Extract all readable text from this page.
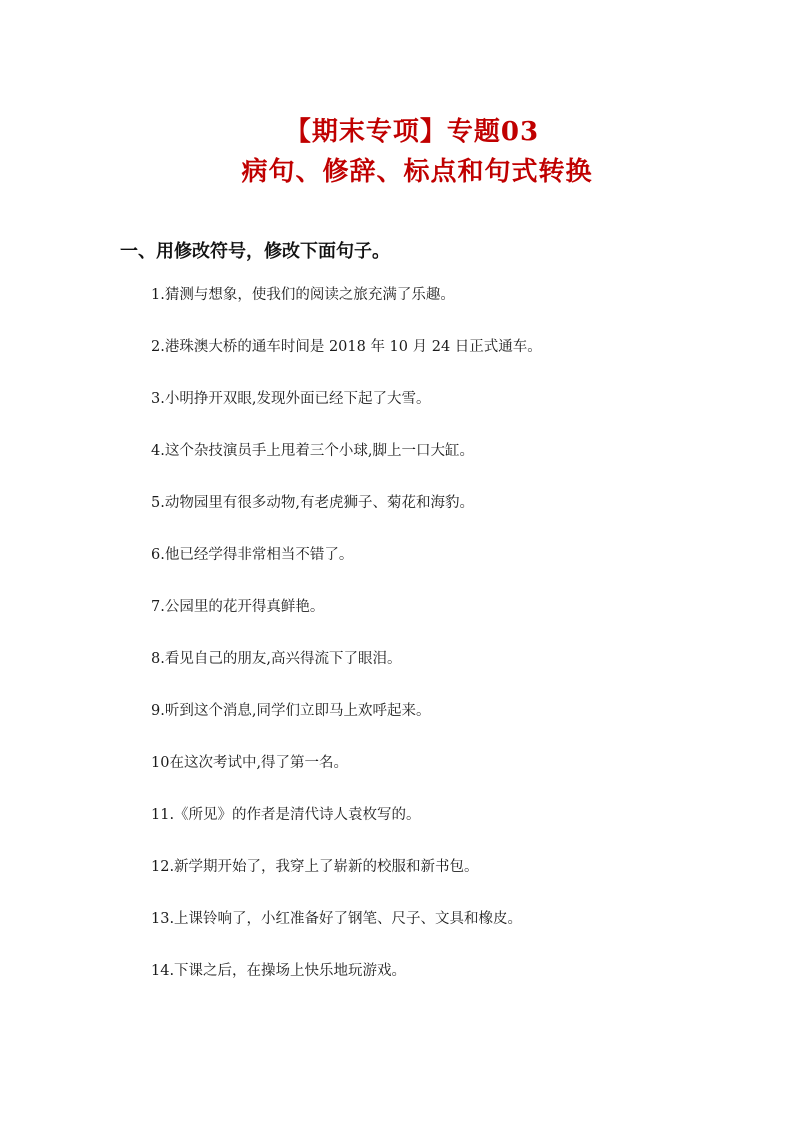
【期末专项】专题03
病句、修辞、标点和句式转换
一、用修改符号，修改下面句子。
1.猜测与想象，使我们的阅读之旅充满了乐趣。
2.港珠澳大桥的通车时间是 2018 年 10 月 24 日正式通车。
3.小明挣开双眼,发现外面已经下起了大雪。
4.这个杂技演员手上甩着三个小球,脚上一口大缸。
5.动物园里有很多动物,有老虎狮子、菊花和海豹。
6.他已经学得非常相当不错了。
7.公园里的花开得真鲜艳。
8.看见自己的朋友,高兴得流下了眼泪。
9.听到这个消息,同学们立即马上欢呼起来。
10在这次考试中,得了第一名。
11.《所见》的作者是清代诗人袁枚写的。
12.新学期开始了，我穿上了崭新的校服和新书包。
13.上课铃响了，小红准备好了钢笔、尺子、文具和橡皮。
14.下课之后，在操场上快乐地玩游戏。
